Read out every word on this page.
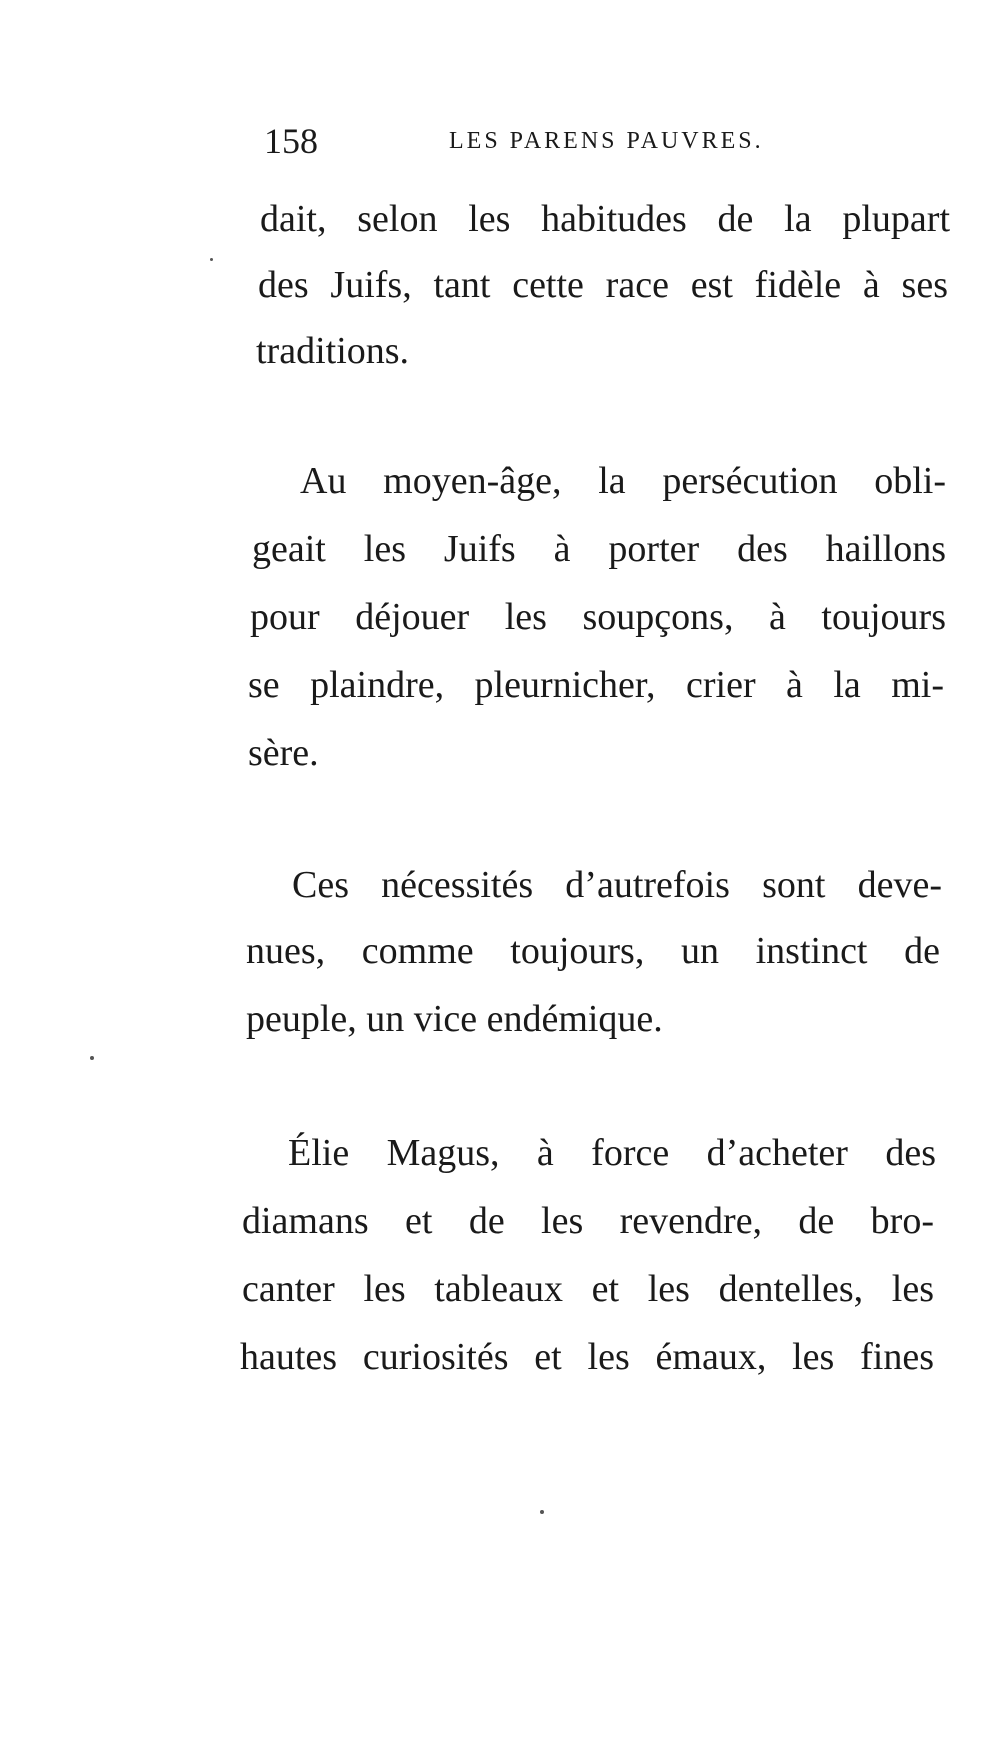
158	LES PARENS PAUVRES.
dait, selon les habitudes de la plupart
des Juifs, tant cette race est fidèle à ses
traditions.
Au moyen-âge, la persécution obli-
geait les Juifs à porter des haillons
pour déjouer les soupçons, à toujours
se plaindre, pleurnicher, crier à la mi-
sère.
Ces nécessités d’autrefois sont deve-
nues, comme toujours, un instinct de
peuple, un vice endémique.
Élie Magus, à force d’acheter des
diamans et de les revendre, de bro-
canter les tableaux et les dentelles, les
hautes curiosités et les émaux, les fines
